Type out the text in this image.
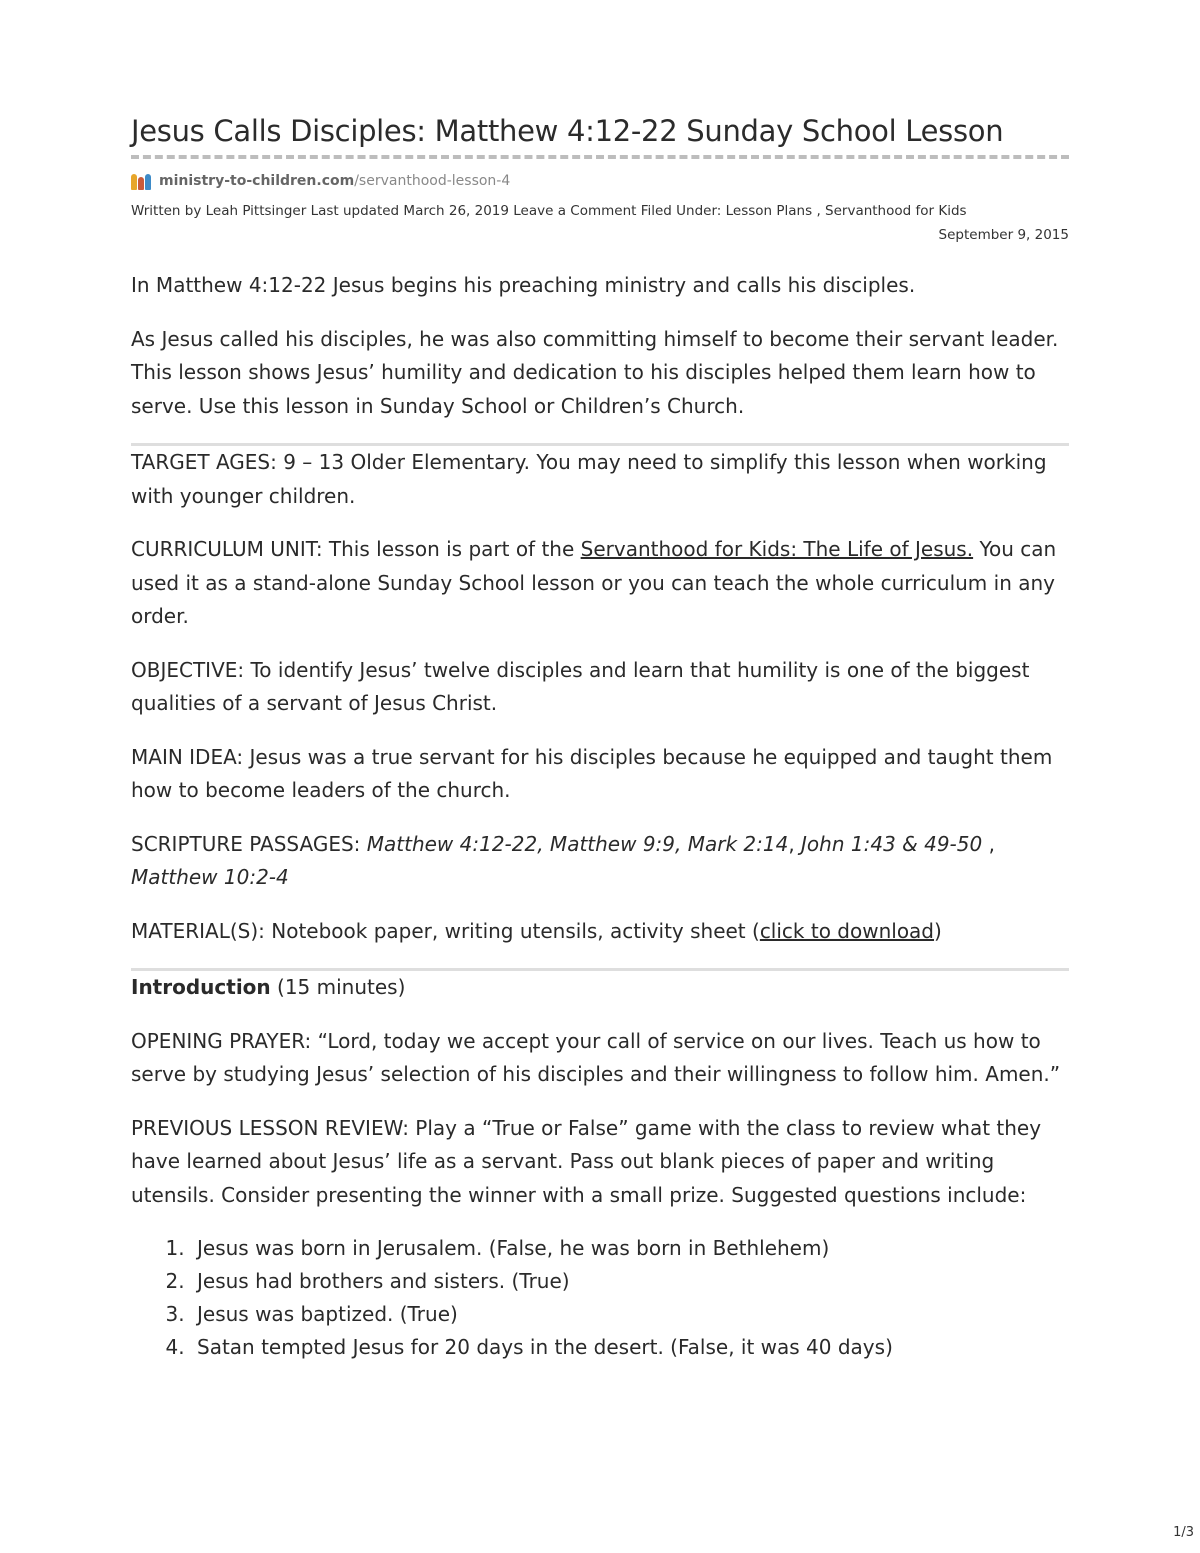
Jesus Calls Disciples: Matthew 4:12-22 Sunday School Lesson
ministry-to-children.com /servanthood-lesson-4
Written by Leah Pittsinger Last updated March 26, 2019 Leave a Comment Filed Under: Lesson Plans , Servanthood for Kids
September 9, 2015

In Matthew 4:12-22 Jesus begins his preaching ministry and calls his disciples.

As Jesus called his disciples, he was also committing himself to become their servant leader. This lesson shows Jesus’ humility and dedication to his disciples helped them learn how to serve. Use this lesson in Sunday School or Children’s Church.

TARGET AGES: 9 – 13 Older Elementary. You may need to simplify this lesson when working with younger children.

CURRICULUM UNIT: This lesson is part of the Servanthood for Kids: The Life of Jesus. You can used it as a stand-alone Sunday School lesson or you can teach the whole curriculum in any order.

OBJECTIVE: To identify Jesus’ twelve disciples and learn that humility is one of the biggest qualities of a servant of Jesus Christ.

MAIN IDEA: Jesus was a true servant for his disciples because he equipped and taught them how to become leaders of the church.

SCRIPTURE PASSAGES: Matthew 4:12-22, Matthew 9:9, Mark 2:14, John 1:43 & 49-50 , Matthew 10:2-4

MATERIAL(S): Notebook paper, writing utensils, activity sheet (click to download)

Introduction (15 minutes)

OPENING PRAYER: “Lord, today we accept your call of service on our lives. Teach us how to serve by studying Jesus’ selection of his disciples and their willingness to follow him. Amen.”

PREVIOUS LESSON REVIEW: Play a “True or False” game with the class to review what they have learned about Jesus’ life as a servant. Pass out blank pieces of paper and writing utensils. Consider presenting the winner with a small prize. Suggested questions include:

1. Jesus was born in Jerusalem. (False, he was born in Bethlehem)
2. Jesus had brothers and sisters. (True)
3. Jesus was baptized. (True)
4. Satan tempted Jesus for 20 days in the desert. (False, it was 40 days)
1/3
